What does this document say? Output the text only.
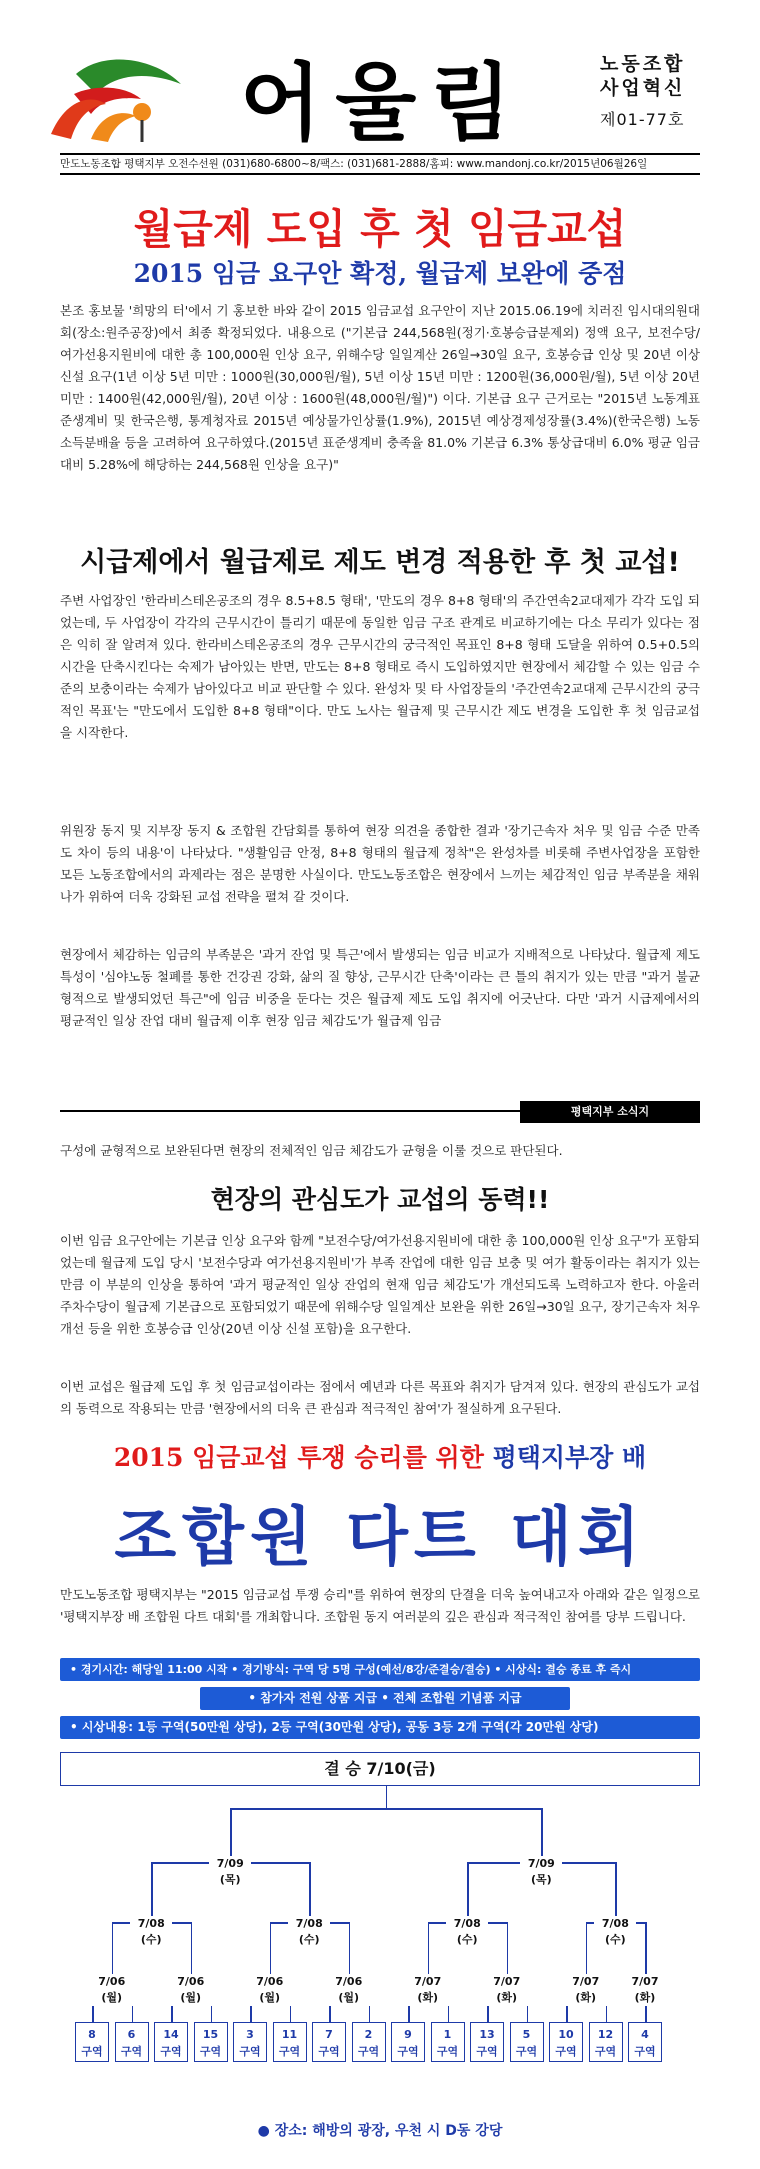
어울림	노동조합
사업혁신
제01-77호
만도노동조합 평택지부 오전수선원 (031)680-6800~8/팩스: (031)681-2888/홈피: www.mandonj.co.kr/2015년06월26일
월급제 도입 후 첫 임금교섭
2015 임금 요구안 확정, 월급제 보완에 중점
본조 홍보물 '희망의 터'에서 기 홍보한 바와 같이 2015 임금교섭 요구안이 지난 2015.06.19에 치러진 임시대의원대회(장소:원주공장)에서 최종 확정되었다. 내용으로 ("기본급 244,568원(정기·호봉승급분제외) 정액 요구, 보전수당/여가선용지원비에 대한 총 100,000원 인상 요구, 위해수당 일일계산 26일→30일 요구, 호봉승급 인상 및 20년 이상 신설 요구(1년 이상 5년 미만 : 1000원(30,000원/월), 5년 이상 15년 미만 : 1200원(36,000원/월), 5년 이상 20년 미만 : 1400원(42,000원/월), 20년 이상 : 1600원(48,000원/월)") 이다. 기본급 요구 근거로는 "2015년 노동계표준생계비 및 한국은행, 통계청자료 2015년 예상물가인상률(1.9%), 2015년 예상경제성장률(3.4%)(한국은행) 노동소득분배율 등을 고려하여 요구하였다.(2015년 표준생계비 충족율 81.0% 기본급 6.3% 통상급대비 6.0% 평균 임금대비 5.28%에 해당하는 244,568원 인상을 요구)"
시급제에서 월급제로 제도 변경 적용한 후 첫 교섭!
주변 사업장인 '한라비스테온공조의 경우 8.5+8.5 형태', '만도의 경우 8+8 형태'의 주간연속2교대제가 각각 도입 되었는데, 두 사업장이 각각의 근무시간이 틀리기 때문에 동일한 임금 구조 관계로 비교하기에는 다소 무리가 있다는 점은 익히 잘 알려져 있다. 한라비스테온공조의 경우 근무시간의 궁극적인 목표인 8+8 형태 도달을 위하여 0.5+0.5의 시간을 단축시킨다는 숙제가 남아있는 반면, 만도는 8+8 형태로 즉시 도입하였지만 현장에서 체감할 수 있는 임금 수준의 보충이라는 숙제가 남아있다고 비교 판단할 수 있다. 완성차 및 타 사업장들의 '주간연속2교대제 근무시간의 궁극적인 목표'는 "만도에서 도입한 8+8 형태"이다. 만도 노사는 월급제 및 근무시간 제도 변경을 도입한 후 첫 임금교섭을 시작한다.
위원장 동지 및 지부장 동지 & 조합원 간담회를 통하여 현장 의견을 종합한 결과 '장기근속자 처우 및 임금 수준 만족도 차이 등의 내용'이 나타났다. "생활임금 안정, 8+8 형태의 월급제 정착"은 완성차를 비롯해 주변사업장을 포함한 모든 노동조합에서의 과제라는 점은 분명한 사실이다. 만도노동조합은 현장에서 느끼는 체감적인 임금 부족분을 채워나가 위하여 더욱 강화된 교섭 전략을 펼쳐 갈 것이다.
현장에서 체감하는 임금의 부족분은 '과거 잔업 및 특근'에서 발생되는 임금 비교가 지배적으로 나타났다. 월급제 제도 특성이 '심야노동 철폐를 통한 건강권 강화, 삶의 질 향상, 근무시간 단축'이라는 큰 틀의 취지가 있는 만큼 "과거 불균형적으로 발생되었던 특근"에 임금 비중을 둔다는 것은 월급제 제도 도입 취지에 어긋난다. 다만 '과거 시급제에서의 평균적인 일상 잔업 대비 월급제 이후 현장 임금 체감도'가 월급제 임금
평택지부 소식지
구성에 균형적으로 보완된다면 현장의 전체적인 임금 체감도가 균형을 이룰 것으로 판단된다.
현장의 관심도가 교섭의 동력!!
이번 임금 요구안에는 기본급 인상 요구와 함께 "보전수당/여가선용지원비에 대한 총 100,000원 인상 요구"가 포함되었는데 월급제 도입 당시 '보전수당과 여가선용지원비'가 부족 잔업에 대한 임금 보충 및 여가 활동이라는 취지가 있는 만큼 이 부분의 인상을 통하여 '과거 평균적인 일상 잔업의 현재 임금 체감도'가 개선되도록 노력하고자 한다. 아울러 주차수당이 월급제 기본급으로 포함되었기 때문에 위해수당 일일계산 보완을 위한 26일→30일 요구, 장기근속자 처우 개선 등을 위한 호봉승급 인상(20년 이상 신설 포함)을 요구한다.
이번 교섭은 월급제 도입 후 첫 임금교섭이라는 점에서 예년과 다른 목표와 취지가 담겨져 있다. 현장의 관심도가 교섭의 동력으로 작용되는 만큼 '현장에서의 더욱 큰 관심과 적극적인 참여'가 절실하게 요구된다.
2015 임금교섭 투쟁 승리를 위한 평택지부장 배
조합원 다트 대회
만도노동조합 평택지부는 "2015 임금교섭 투쟁 승리"를 위하여 현장의 단결을 더욱 높여내고자 아래와 같은 일정으로 '평택지부장 배 조합원 다트 대회'를 개최합니다. 조합원 동지 여러분의 깊은 관심과 적극적인 참여를 당부 드립니다.
• 경기시간: 해당일 11:00 시작 • 경기방식: 구역 당 5명 구성(예선/8강/준결승/결승) • 시상식: 결승 종료 후 즉시
• 참가자 전원 상품 지급 • 전체 조합원 기념품 지급
• 시상내용: 1등 구역(50만원 상당), 2등 구역(30만원 상당), 공동 3등 2개 구역(각 20만원 상당)
결 승 7/10(금)
7/09
(목)
7/09
(목)
7/08
(수)
7/08
(수)
7/08
(수)
7/08
(수)
7/06
(월)
7/06
(월)
7/06
(월)
7/06
(월)
7/07
(화)
7/07
(화)
7/07
(화)
7/07
(화)
8
구역
6
구역
14
구역
15
구역
3
구역
11
구역
7
구역
2
구역
9
구역
1
구역
13
구역
5
구역
10
구역
12
구역
4
구역
● 장소: 해방의 광장, 우천 시 D동 강당
